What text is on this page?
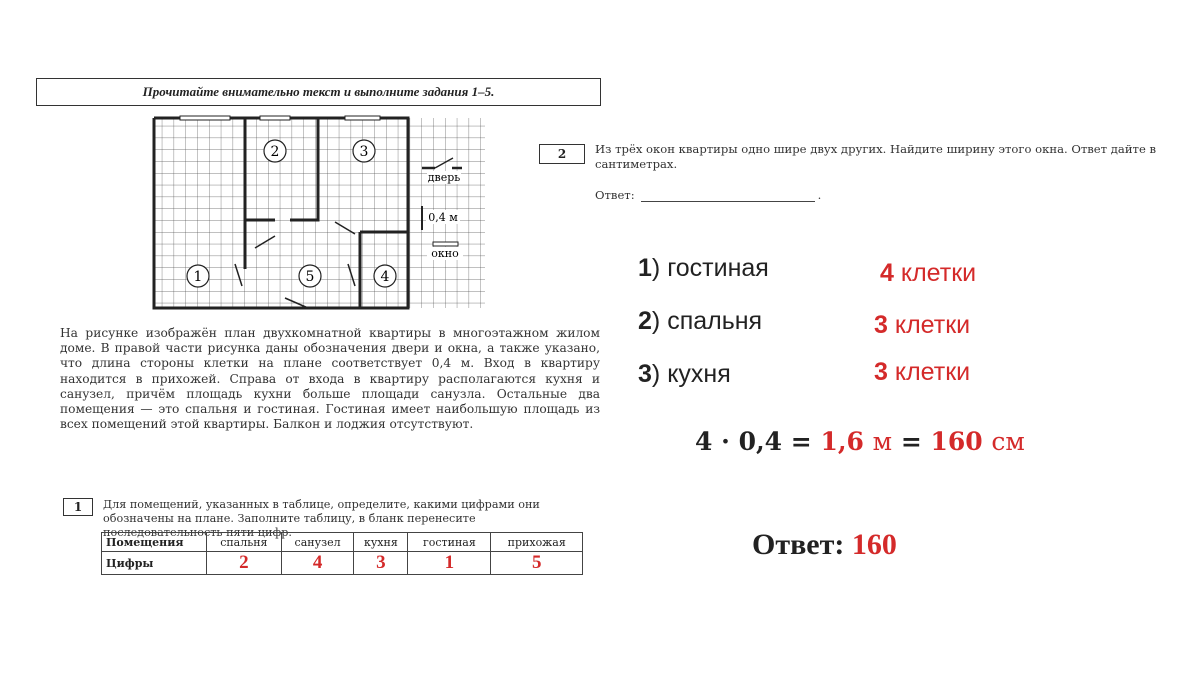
Прочитайте внимательно текст и выполните задания 1–5.
1
2	3
4
5
дверь
0,4 м
окно
На рисунке изображён план двухкомнатной квартиры в многоэтажном жилом доме. В правой части рисунка даны обозначения двери и окна, а также указано, что длина стороны клетки на плане соответствует 0,4 м. Вход в квартиру находится в прихожей. Справа от входа в квартиру располагаются кухня и санузел, причём площадь кухни больше площади санузла. Остальные два помещения — это спальня и гостиная. Гостиная имеет наибольшую площадь из всех помещений этой квартиры. Балкон и лоджия отсутствуют.
2 Из трёх окон квартиры одно шире двух других. Найдите ширину этого окна. Ответ дайте в сантиметрах.
Ответ:	.
1 Для помещений, указанных в таблице, определите, какими цифрами они обозначены на плане. Заполните таблицу, в бланк перенесите последовательность пяти цифр.
Помещения	спальня	санузел	кухня	гостиная	прихожая
Цифры	2	4	3	1	5
1) гостиная	4 клетки
2) спальня	3 клетки
3) кухня	3 клетки
4 · 0,4 = 1,6 м = 160 см
Ответ: 160
